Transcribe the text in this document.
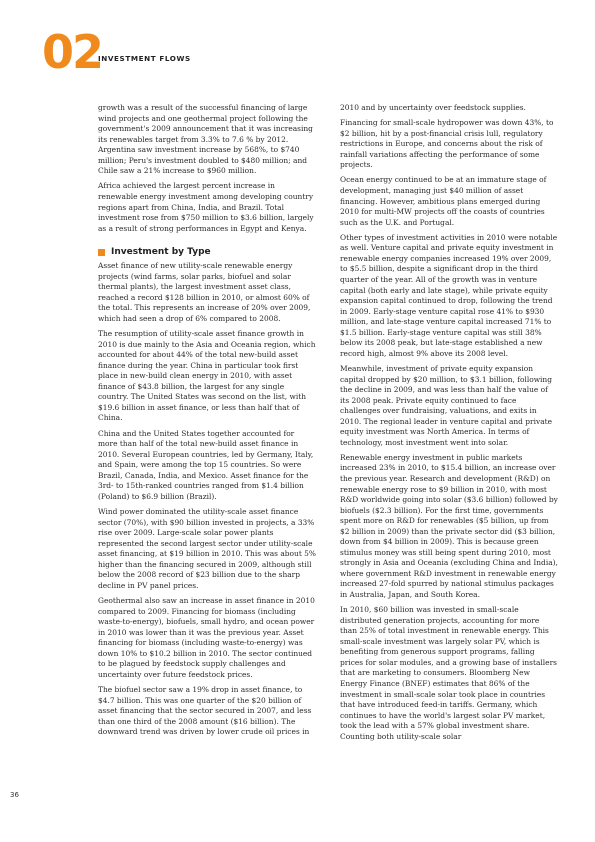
02
INVESTMENT FLOWS

growth was a result of the successful financing of large wind projects and one geothermal project following the government's 2009 announcement that it was increasing its renewables target from 3.3% to 7.6 % by 2012. Argentina saw investment increase by 568%, to $740 million; Peru's investment doubled to $480 million; and Chile saw a 21% increase to $960 million.

Africa achieved the largest percent increase in renewable energy investment among developing country regions apart from China, India, and Brazil. Total investment rose from $750 million to $3.6 billion, largely as a result of strong performances in Egypt and Kenya.

Investment by Type

Asset finance of new utility-scale renewable energy projects (wind farms, solar parks, biofuel and solar thermal plants), the largest investment asset class, reached a record $128 billion in 2010, or almost 60% of the total. This represents an increase of 20% over 2009, which had seen a drop of 6% compared to 2008.

The resumption of utility-scale asset finance growth in 2010 is due mainly to the Asia and Oceania region, which accounted for about 44% of the total new-build asset finance during the year. China in particular took first place in new-build clean energy in 2010, with asset finance of $43.8 billion, the largest for any single country. The United States was second on the list, with $19.6 billion in asset finance, or less than half that of China.

China and the United States together accounted for more than half of the total new-build asset finance in 2010. Several European countries, led by Germany, Italy, and Spain, were among the top 15 countries. So were Brazil, Canada, India, and Mexico. Asset finance for the 3rd- to 15th-ranked countries ranged from $1.4 billion (Poland) to $6.9 billion (Brazil).

Wind power dominated the utility-scale asset finance sector (70%), with $90 billion invested in projects, a 33% rise over 2009. Large-scale solar power plants represented the second largest sector under utility-scale asset financing, at $19 billion in 2010. This was about 5% higher than the financing secured in 2009, although still below the 2008 record of $23 billion due to the sharp decline in PV panel prices.

Geothermal also saw an increase in asset finance in 2010 compared to 2009. Financing for biomass (including waste-to-energy), biofuels, small hydro, and ocean power in 2010 was lower than it was the previous year. Asset financing for biomass (including waste-to-energy) was down 10% to $10.2 billion in 2010. The sector continued to be plagued by feedstock supply challenges and uncertainty over future feedstock prices.

The biofuel sector saw a 19% drop in asset finance, to $4.7 billion. This was one quarter of the $20 billion of asset financing that the sector secured in 2007, and less than one third of the 2008 amount ($16 billion). The downward trend was driven by lower crude oil prices in

2010 and by uncertainty over feedstock supplies.

Financing for small-scale hydropower was down 43%, to $2 billion, hit by a post-financial crisis lull, regulatory restrictions in Europe, and concerns about the risk of rainfall variations affecting the performance of some projects.

Ocean energy continued to be at an immature stage of development, managing just $40 million of asset financing. However, ambitious plans emerged during 2010 for multi-MW projects off the coasts of countries such as the U.K. and Portugal.

Other types of investment activities in 2010 were notable as well. Venture capital and private equity investment in renewable energy companies increased 19% over 2009, to $5.5 billion, despite a significant drop in the third quarter of the year. All of the growth was in venture capital (both early and late stage), while private equity expansion capital continued to drop, following the trend in 2009. Early-stage venture capital rose 41% to $930 million, and late-stage venture capital increased 71% to $1.5 billion. Early-stage venture capital was still 38% below its 2008 peak, but late-stage established a new record high, almost 9% above its 2008 level.

Meanwhile, investment of private equity expansion capital dropped by $20 million, to $3.1 billion, following the decline in 2009, and was less than half the value of its 2008 peak. Private equity continued to face challenges over fundraising, valuations, and exits in 2010. The regional leader in venture capital and private equity investment was North America. In terms of technology, most investment went into solar.

Renewable energy investment in public markets increased 23% in 2010, to $15.4 billion, an increase over the previous year. Research and development (R&D) on renewable energy rose to $9 billion in 2010, with most R&D worldwide going into solar ($3.6 billion) followed by biofuels ($2.3 billion). For the first time, governments spent more on R&D for renewables ($5 billion, up from $2 billion in 2009) than the private sector did ($3 billion, down from $4 billion in 2009). This is because green stimulus money was still being spent during 2010, most strongly in Asia and Oceania (excluding China and India), where government R&D investment in renewable energy increased 27-fold spurred by national stimulus packages in Australia, Japan, and South Korea.

In 2010, $60 billion was invested in small-scale distributed generation projects, accounting for more than 25% of total investment in renewable energy. This small-scale investment was largely solar PV, which is benefiting from generous support programs, falling prices for solar modules, and a growing base of installers that are marketing to consumers. Bloomberg New Energy Finance (BNEF) estimates that 86% of the investment in small-scale solar took place in countries that have introduced feed-in tariffs. Germany, which continues to have the world's largest solar PV market, took the lead with a 57% global investment share. Counting both utility-scale solar

36
